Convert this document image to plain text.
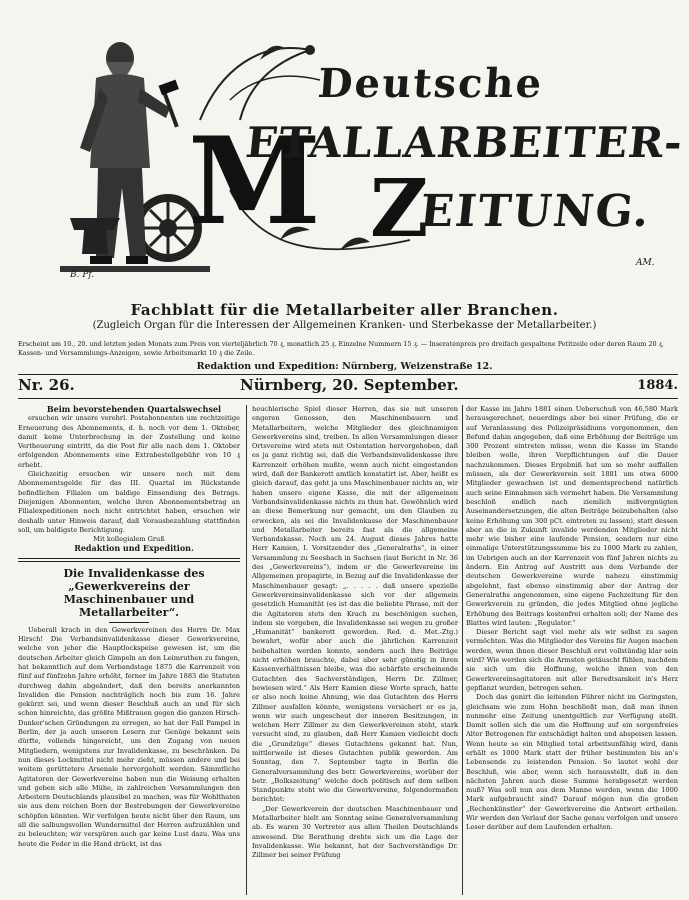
Deutsche
M
ETALLARBEITER-
Z
EITUNG.
B. Pf.
AM.
Fachblatt für die Metallarbeiter aller Branchen.
(Zugleich Organ für die Interessen der Allgemeinen Kranken- und Sterbekasse der Metallarbeiter.)
Erscheint am 10., 20. und letzten jeden Monats zum Preis von vierteljährlich 70 ₰, monatlich 25 ₰. Einzelne Nummern 15 ₰. — Inseratenpreis pro dreifach gespaltene Petitzeile oder deren Raum 20 ₰, Kassen- und Versammlungs-Anzeigen, sowie Arbeitsmarkt 10 ₰ die Zeile.
Redaktion und Expedition: Nürnberg, Weizenstraße 12.
Nr. 26.	Nürnberg, 20. September.	1884.

Beim bevorstehenden Quartalswechsel

ersuchen wir unsere verehrl. Postabonnenten um rechtzeitige Erneuerung des Abonnements, d. h. noch vor dem 1. Oktober, damit keine Unterbrechung in der Zustellung und keine Vertheuerung eintritt, da die Post für alle nach dem 1. Oktober erfolgenden Abonnements eine Extrabestellgebühr von 10 ₰ erhebt.

Gleichzeitig ersuchen wir unsere noch mit dem Abonnementsgelde für das III. Quartal im Rückstande befindlichen Filialen um baldige Einsendung des Betrags. Diejenigen Abonnenten, welche ihren Abonnementsbetrag an Filialexpeditionen noch nicht entrichtet haben, ersuchen wir deshalb unter Hinweis darauf, daß Vorausbezahlung stattfinden soll, um baldigste Berichtigung.

Mit kollegialem Gruß

Redaktion und Expedition.

Die Invalidenkasse des „Gewerkvereins der Maschinenbauer und Metallarbeiter“.

Ueberall krach in den Gewerkvereinen des Herrn Dr. Max Hirsch! Die Verbandsinvalidenkasse dieser Gewerkvereine, welche von jeher die Hauptlockspeise gewesen ist, um die deutschen Arbeiter gleich Gimpeln an den Leimruthen zu fangen, hat bekanntlich auf dem Verbandstage 1875 die Karrenzeit von fünf auf fünfzehn Jahre erhöht, ferner im Jahre 1883 die Statuten durchweg dahin abgeändert, daß den bereits anerkannten Invaliden die Pension nachträglich noch bis zum 16. Jahre gekürzt sei, und wenn dieser Beschluß auch an und für sich schon hinreichte, das größte Mißtrauen gegen die ganzen Hirsch-Dunker'schen Gründungen zu erregen, so hat der Fall Pampel in Berlin, der ja auch unseren Lesern zur Genüge bekannt sein dürfte, vollends hingereicht, um den Zugang von neuen Mitgliedern, wenigstens zur Invalidenkasse, zu beschränken. Da nun dieses Lockmittel nicht mehr zieht, müssen andere und bei weitem gerüttetere Arsenale hervorgeholt werden. Sämmtliche Agitatoren der Gewerkvereine haben nun die Weisung erhalten und geben sich alle Mühe, in zahlreichen Versammlungen den Arbeitern Deutschlands plausibel zu machen, was für Wohlthaten sie aus dem reichen Born der Bestrebungen der Gewerkvereine schöpfen könnten. Wir verfolgen heute nicht über den Raum, um all die salbungsvollen Wundermittel der Herren aufzuzählen und zu beleuchten; wir verspüren auch gar keine Lust dazu. Was uns heute die Feder in die Hand drückt, ist das

heuchlerische Spiel dieser Herren, das sie mit unseren engeren Genossen, den Maschinenbauern und Metallarbeitern, welche Mitglieder des gleichnamigen Gewerkvereins sind, treiben. In allen Versammlungen dieser Ortsvereine wird stets mit Ostentation hervorgehoben, daß es ja ganz richtig sei, daß die Verbandsinvalidenkasse ihre Karrenzeit erhöhen mußte, wenn auch nicht eingestanden wird, daß der Bankerott amtlich konstatirt ist. Aber, heißt es gleich darauf, das geht ja uns Maschinenbauer nichts an, wir haben unsere eigene Kasse, die mit der allgemeinen Verbandsinvalidenkasse nichts zu thun hat. Gewöhnlich wird an diese Bemerkung nur gemacht, um den Glauben zu erwecken, als sei die Invalidenkasse der Maschinenbauer und Metallarbeiter bereits fast als die allgemeine Verbandskasse. Noch am 24. August dieses Jahres hatte Herr Kamien, I. Vorsitzender des „Generalraths“, in einer Versammlung zu Seesbach in Sachsen (laut Bericht in Nr. 36 des „Gewerkvereins“), indem er die Gewerkvereine im Allgemeinen propagirte, in Bezug auf die Invalidenkasse der Maschinenbauer gesagt: „. . . . . daß unsere spezielle Gewerkvereinsinvalidenkasse sich vor der allgemein gesetzlich Humanität (es ist das die beliebte Phrase, mit der die Agitatoren stets den Krach zu beschönigen suchen, indem sie vorgeben, die Invalidenkasse sei wegen zu großer „Humanität“ bankerott geworden. Red. d. Met.-Ztg.) bewahrt, wofür aber auch die jährlichen Karrenzeit beibehalten werden konnte, sondern auch ihre Beiträge nicht erhöhen brauchte, dabei aber sehr günstig in ihren Kassenverhältnissen bleibe, was die schärfste erscheinende Gutachten des Sachverständigen, Herrn Dr. Zillmer, bewiesen wird.“ Als Herr Kamien diese Worte sprach, hatte er also noch keine Ahnung, wie das Gutachten des Herrn Zillmer ausfallen könnte, wenigstens versichert er es ja, wenn wir auch ungescheut der inneren Besitzungen, in welchen Herr Zillmer zu den Gewerkvereinen steht, stark versucht sind, zu glauben, daß Herr Kamien vielleicht doch die „Grundzüge“ dieses Gutachtens gekannt hat. Nun, mittlerweile ist dieses Gutachten publik geworden. Am Sonntag, den 7. September tagte in Berlin die Generalversammlung des betr. Gewerkvereins, worüber der betr. „Bolkszeitung“ welche doch politisch auf dem selben Standpunkte steht wie die Gewerkvereine, folgendermaßen berichtet:

„Der Gewerkverein der deutschen Maschinenbauer und Metallarbeiter hielt am Sonntag seine Generalversammlung ab. Es waren 30 Vertreter aus allen Theilen Deutschlands anwesend. Die Berathung drehte sich um die Lage der Invalidenkasse. Wie bekannt, hat der Sachverständige Dr. Zillmer bei seiner Prüfung

der Kasse im Jahre 1881 einen Ueberschuß von 46,580 Mark herausgerechnet, neuerdings aber bei einer Prüfung, die er auf Veranlassung des Polizeipräsidiums vorgenommen, den Befund dahin angegeben, daß eine Erhöhung der Beiträge um 300 Prozent eintreten müsse, wenn die Kasse im Stande bleiben wolle, ihren Verpflichtungen auf die Dauer nachzukommen. Dieses Ergebniß hat um so mehr auffallen müssen, als der Gewerkverein seit 1881 um etwa 6000 Mitglieder gewachsen ist und dementsprechend natürlich auch seine Einnahmen sich vermehrt haben. Die Versammlung beschloß endlich nach ziemlich mißvergnügten Auseinandersetzungen, die alten Beiträge beizubehalten (also keine Erhöhung um 300 pCt. eintreten zu lassen), statt dessen aber an die in Zukunft invalide werdenden Mitglieder nicht mehr wie bisher eine laufende Pension, sondern nur eine einmalige Unterstützungssumme bis zu 1000 Mark zu zahlen, im Uebrigen auch an der Karrenzeit von fünf Jahren nichts zu ändern. Ein Antrag auf Austritt aus dem Verbande der deutschen Gewerkvereine wurde nahezu einstimmig abgelehnt, fast ebenso einstimmig aber der Antrag der Generalraths angenommen, eine eigene Fachzeitung für den Gewerkverein zu gründen, die jedes Mitglied ohne jegliche Erhöhung des Beitrags kostenfrei erhalten soll; der Name des Blattes wird lauten: „Regulator.“

Dieser Bericht sagt viel mehr als wir selbst zu sagen vermöchten. Was die Mitglieder des Vereins für Augen machen werden, wenn ihnen dieser Beschluß erst vollständig klar sein wird? Wie werden sich die Armsten getäuscht fühlen, nachdem sie sich um die Hoffnung, welche ihnen von den Gewerkvereinsagitatoren mit aller Beredtsamkeit in's Herz gepflanzt wurden, betrogen sehen.

Doch das genirt die leitenden Führer nicht im Geringsten, gleichsam wie zum Hohn beschließt man, daß man ihnen nunmehr eine Zeitung unentgeltlich zur Verfügung stellt. Damit sollen sich die um die Hoffnung auf ein sorgenfreies Alter Betrogenen für entschädigt halten und abspeisen lassen. Wenn heute so ein Mitglied total arbeitsunfähig wird, dann erhält es 1000 Mark statt der früher bestimmten bis an's Lebensende zu leistenden Pension. So lautet wohl der Beschluß, wie aber, wenn sich herausstellt, daß in den nächsten Jahren auch diese Summe herabgesetzt werden muß? Was soll nun aus dem Manne werden, wenn die 1000 Mark aufgebraucht sind? Darauf mögen nun die großen „Rechenkünstler“ der Gewerkvereine die Antwort ertheilen. Wir werden den Verlauf der Sache genau verfolgen und unsere Leser darüber auf dem Laufenden erhalten.
